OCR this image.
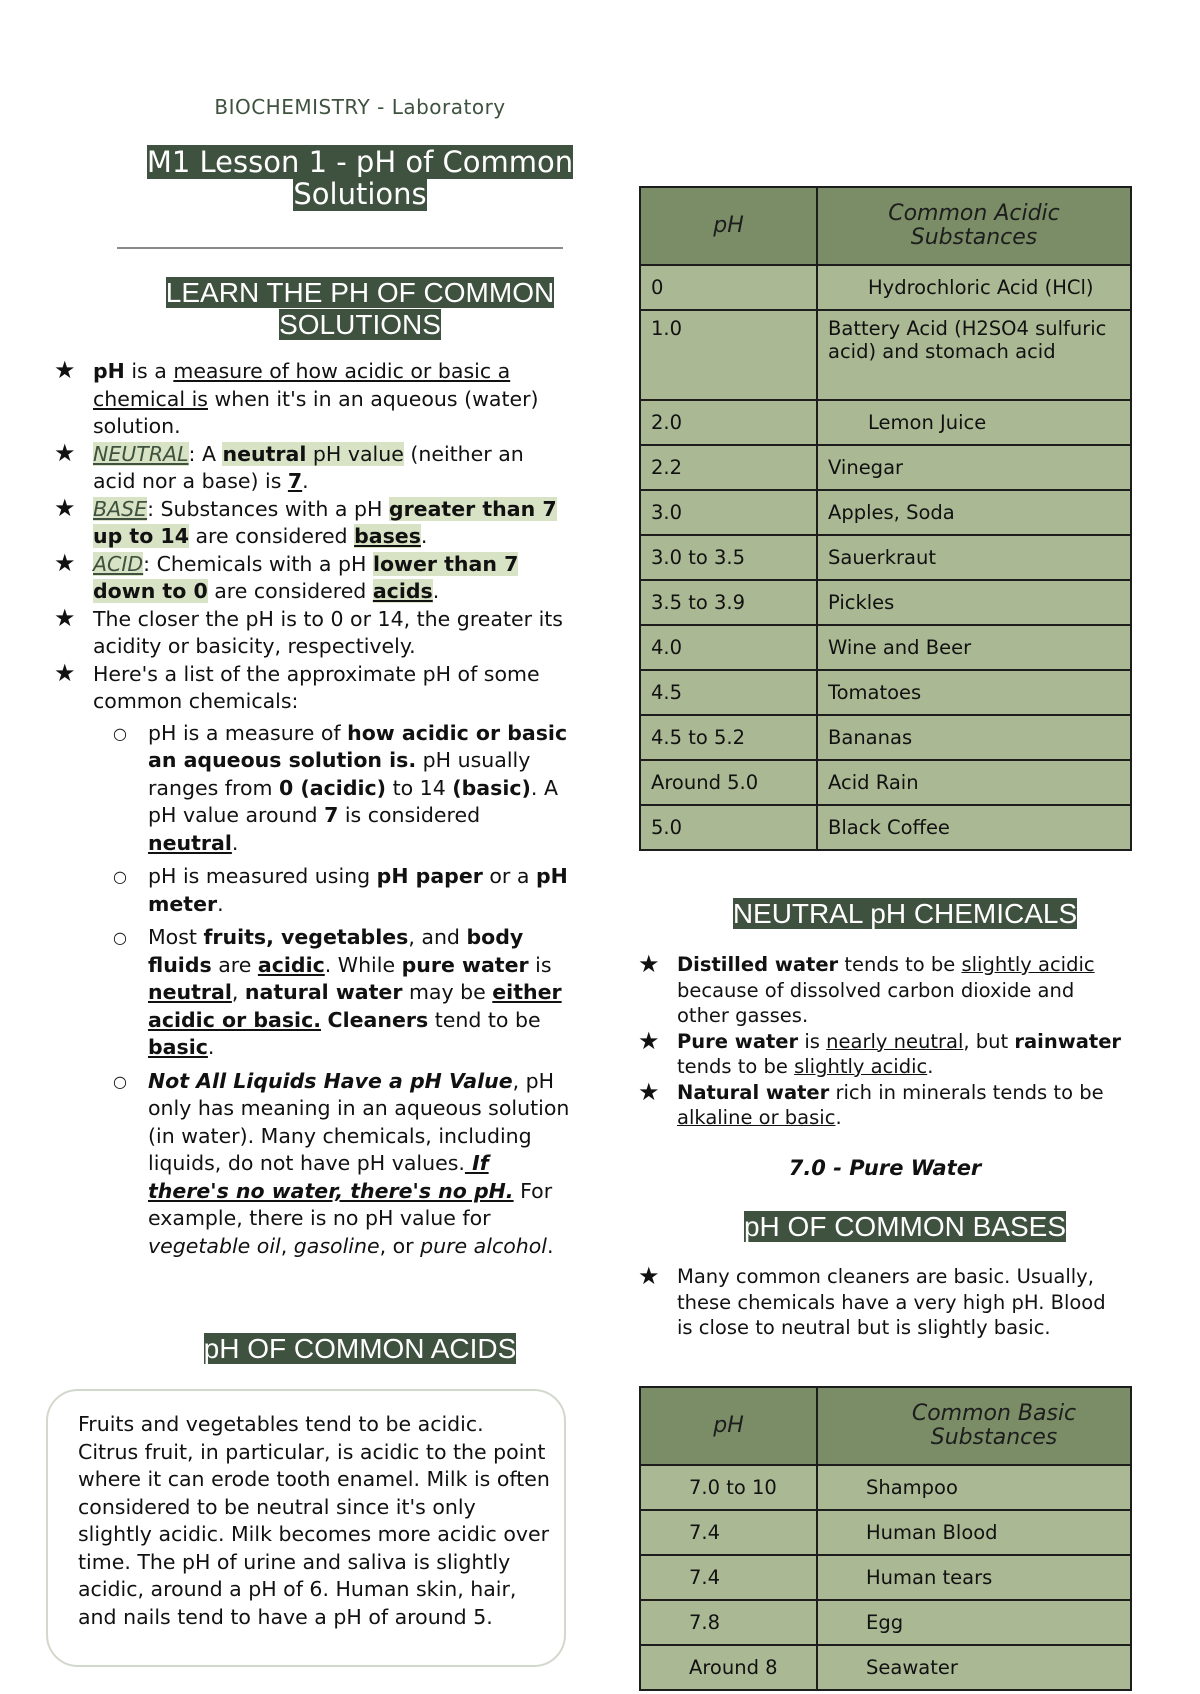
BIOCHEMISTRY - Laboratory
M1 Lesson 1 - pH of Common Solutions
LEARN THE PH OF COMMON SOLUTIONS
★ pH is a measure of how acidic or basic a chemical is when it's in an aqueous (water) solution.
★ NEUTRAL: A neutral pH value (neither an acid nor a base) is 7.
★ BASE: Substances with a pH greater than 7 up to 14 are considered bases.
★ ACID: Chemicals with a pH lower than 7 down to 0 are considered acids.
★ The closer the pH is to 0 or 14, the greater its acidity or basicity, respectively.
★ Here's a list of the approximate pH of some common chemicals:
○ pH is a measure of how acidic or basic an aqueous solution is. pH usually ranges from 0 (acidic) to 14 (basic). A pH value around 7 is considered neutral.
○ pH is measured using pH paper or a pH meter.
○ Most fruits, vegetables, and body fluids are acidic. While pure water is neutral, natural water may be either acidic or basic. Cleaners tend to be basic.
○ Not All Liquids Have a pH Value, pH only has meaning in an aqueous solution (in water). Many chemicals, including liquids, do not have pH values. If there's no water, there's no pH. For example, there is no pH value for vegetable oil, gasoline, or pure alcohol.
pH OF COMMON ACIDS
Fruits and vegetables tend to be acidic. Citrus fruit, in particular, is acidic to the point where it can erode tooth enamel. Milk is often considered to be neutral since it's only slightly acidic. Milk becomes more acidic over time. The pH of urine and saliva is slightly acidic, around a pH of 6. Human skin, hair, and nails tend to have a pH of around 5.
pH	Common Acidic Substances
0	Hydrochloric Acid (HCl)
1.0	Battery Acid (H2SO4 sulfuric acid) and stomach acid
2.0	Lemon Juice
2.2	Vinegar
3.0	Apples, Soda
3.0 to 3.5	Sauerkraut
3.5 to 3.9	Pickles
4.0	Wine and Beer
4.5	Tomatoes
4.5 to 5.2	Bananas
Around 5.0	Acid Rain
5.0	Black Coffee
NEUTRAL pH CHEMICALS
★ Distilled water tends to be slightly acidic because of dissolved carbon dioxide and other gasses.
★ Pure water is nearly neutral, but rainwater tends to be slightly acidic.
★ Natural water rich in minerals tends to be alkaline or basic.
7.0 - Pure Water
pH OF COMMON BASES
★ Many common cleaners are basic. Usually, these chemicals have a very high pH. Blood is close to neutral but is slightly basic.
pH	Common Basic Substances
7.0 to 10	Shampoo
7.4	Human Blood
7.4	Human tears
7.8	Egg
Around 8	Seawater
